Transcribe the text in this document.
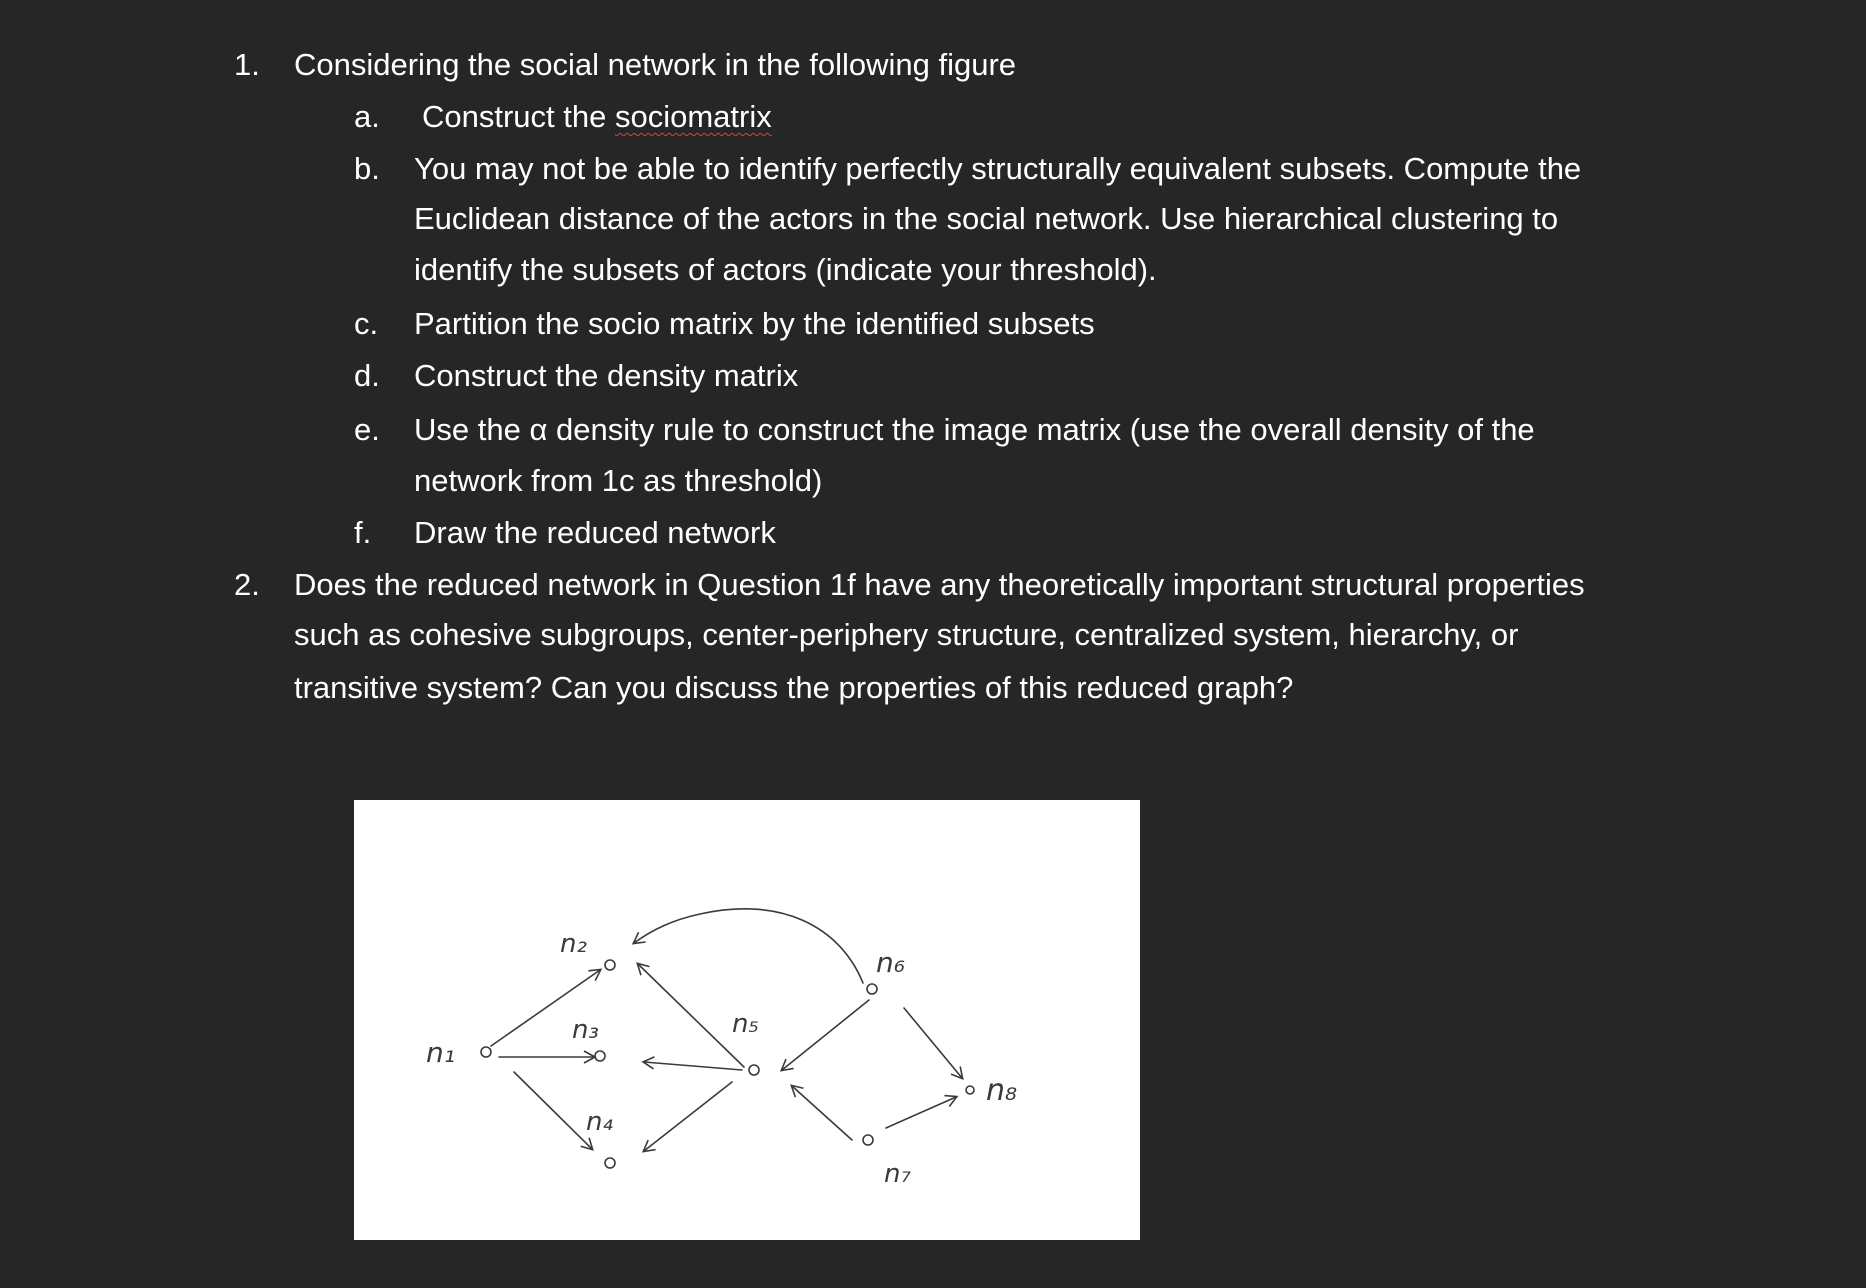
1. Considering the social network in the following figure
a. Construct the sociomatrix
b. You may not be able to identify perfectly structurally equivalent subsets. Compute the
Euclidean distance of the actors in the social network. Use hierarchical clustering to
identify the subsets of actors (indicate your threshold).
c. Partition the socio matrix by the identified subsets
d. Construct the density matrix
e. Use the α density rule to construct the image matrix (use the overall density of the
network from 1c as threshold)
f. Draw the reduced network
2. Does the reduced network in Question 1f have any theoretically important structural properties
such as cohesive subgroups, center-periphery structure, centralized system, hierarchy, or
transitive system? Can you discuss the properties of this reduced graph?
n₁
n₂
n₃
n₄
n₅
n₆
n₇
n₈
